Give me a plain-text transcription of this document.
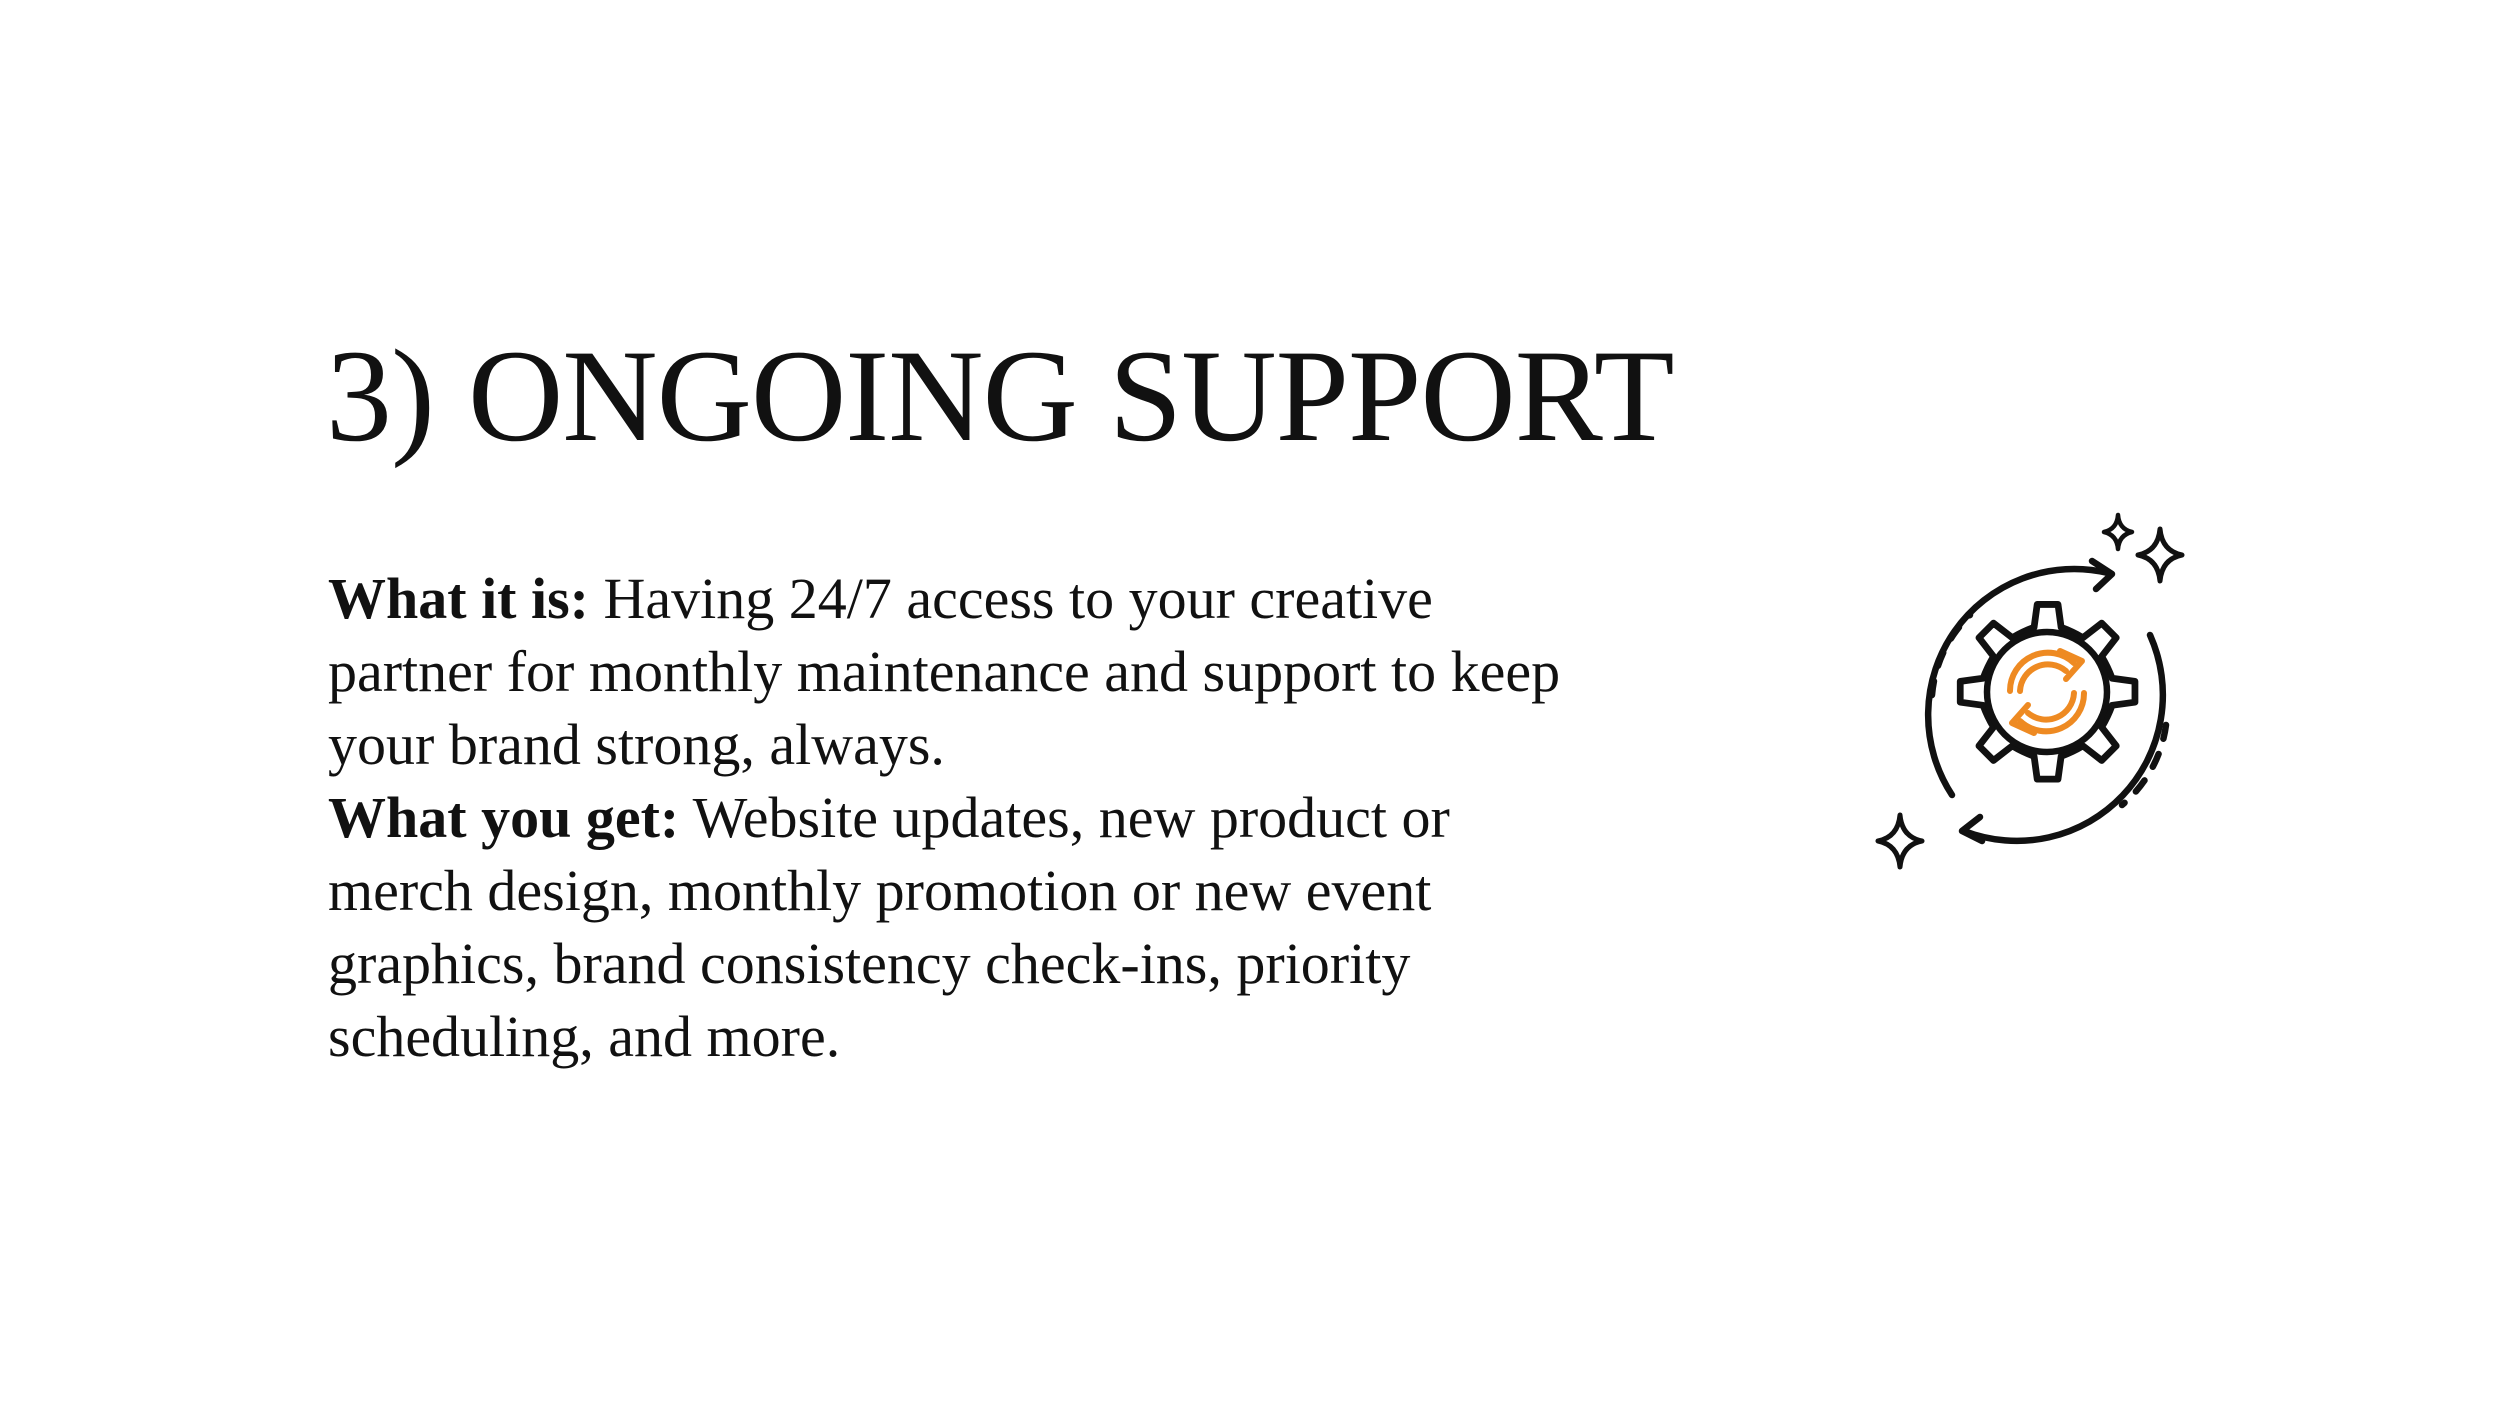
3) ONGOING SUPPORT
What it is: Having 24/7 access to your creative partner for monthly maintenance and support to keep your brand strong, always.
What you get: Website updates, new product or merch design, monthly promotion or new event graphics, brand consistency check-ins, priority scheduling, and more.
